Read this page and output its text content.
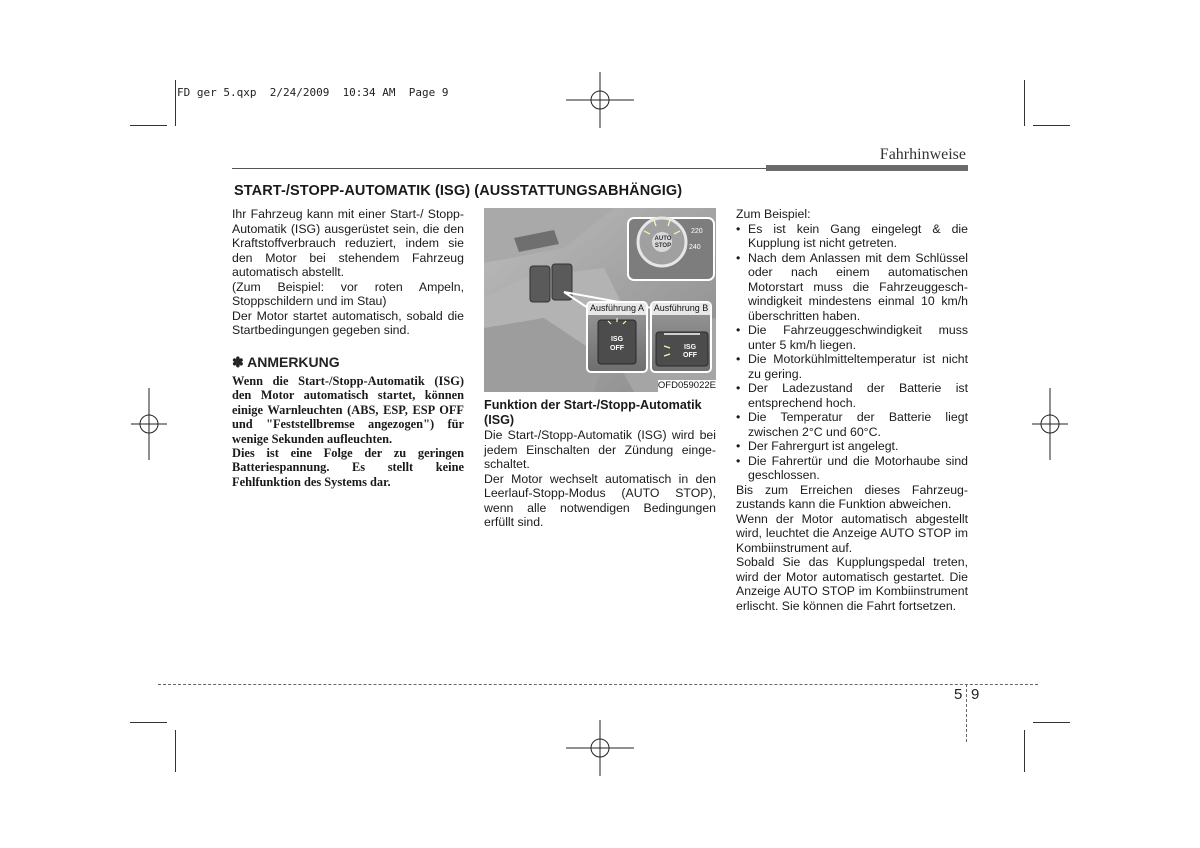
FD ger 5.qxp  2/24/2009  10:34 AM  Page 9
Fahrhinweise
START-/STOPP-AUTOMATIK (ISG) (AUSSTATTUNGSABHÄNGIG)

Ihr Fahrzeug kann mit einer Start-/ Stopp-Automatik (ISG) ausgerüstet sein, die den Kraftstoffverbrauch reduziert, indem sie den Motor bei stehendem Fahrzeug automatisch abstellt.

(Zum Beispiel: vor roten Ampeln, Stoppschildern und im Stau)

Der Motor startet automatisch, sobald die Startbedingungen gegeben sind.

✽ ANMERKUNG

Wenn die Start-/Stopp-Automatik (ISG) den Motor automatisch startet, können einige Warnleuchten (ABS, ESP, ESP OFF und "Feststellbremse angezogen") für wenige Sekunden aufleuchten.

Dies ist eine Folge der zu geringen Batteriespannung. Es stellt keine Fehlfunktion des Systems dar.

Ausführung A Ausführung B
ISG
OFF	ISG
OFF
AUTO
STOP
220
240
OFD059022E
Funktion der Start-/Stopp-Automatik (ISG)

Die Start-/Stopp-Automatik (ISG) wird bei jedem Einschalten der Zündung eingeschaltet.

Der Motor wechselt automatisch in den Leerlauf-Stopp-Modus (AUTO STOP), wenn alle notwendigen Bedingungen erfüllt sind.

Zum Beispiel:

• Es ist kein Gang eingelegt & die Kupplung ist nicht getreten.
• Nach dem Anlassen mit dem Schlüssel oder nach einem automatischen Motorstart muss die Fahrzeuggeschwindigkeit mindestens einmal 10 km/h überschritten haben.
• Die Fahrzeuggeschwindigkeit muss unter 5 km/h liegen.
• Die Motorkühlmitteltemperatur ist nicht zu gering.
• Der Ladezustand der Batterie ist entsprechend hoch.
• Die Temperatur der Batterie liegt zwischen 2°C und 60°C.
• Der Fahrergurt ist angelegt.
• Die Fahrertür und die Motorhaube sind geschlossen.

Bis zum Erreichen dieses Fahrzeugzustands kann die Funktion abweichen.

Wenn der Motor automatisch abgestellt wird, leuchtet die Anzeige AUTO STOP im Kombiinstrument auf.

Sobald Sie das Kupplungspedal treten, wird der Motor automatisch gestartet. Die Anzeige AUTO STOP im Kombiinstrument erlischt. Sie können die Fahrt fortsetzen.

5 9
